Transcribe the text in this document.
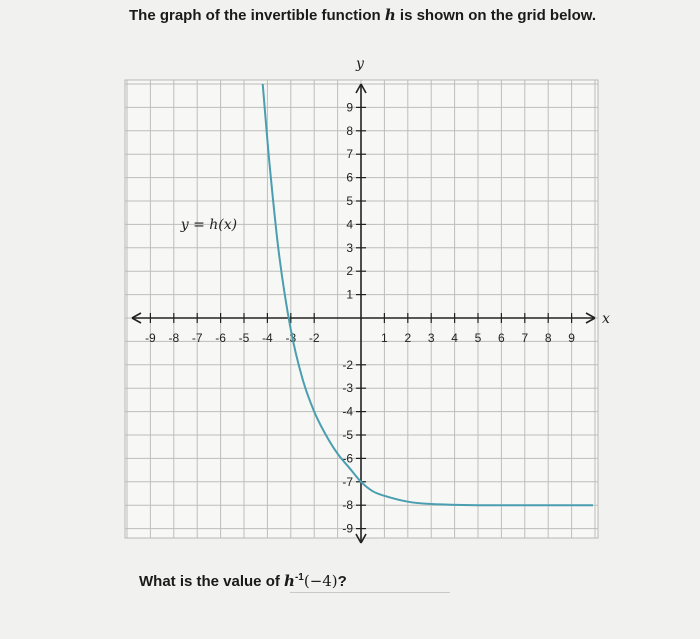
The graph of the invertible function h is shown on the grid below.
-9 -8 -7 -6 -5 -4 -3 -2	1 2 3 4 5 6 7 8 9
9
8
7
6
5
4
3
2
1
-2
-3
-4
-5
-6
-7
-8
-9
x
y
y = h(x)
What is the value of $h^{-1}(-4)$?
